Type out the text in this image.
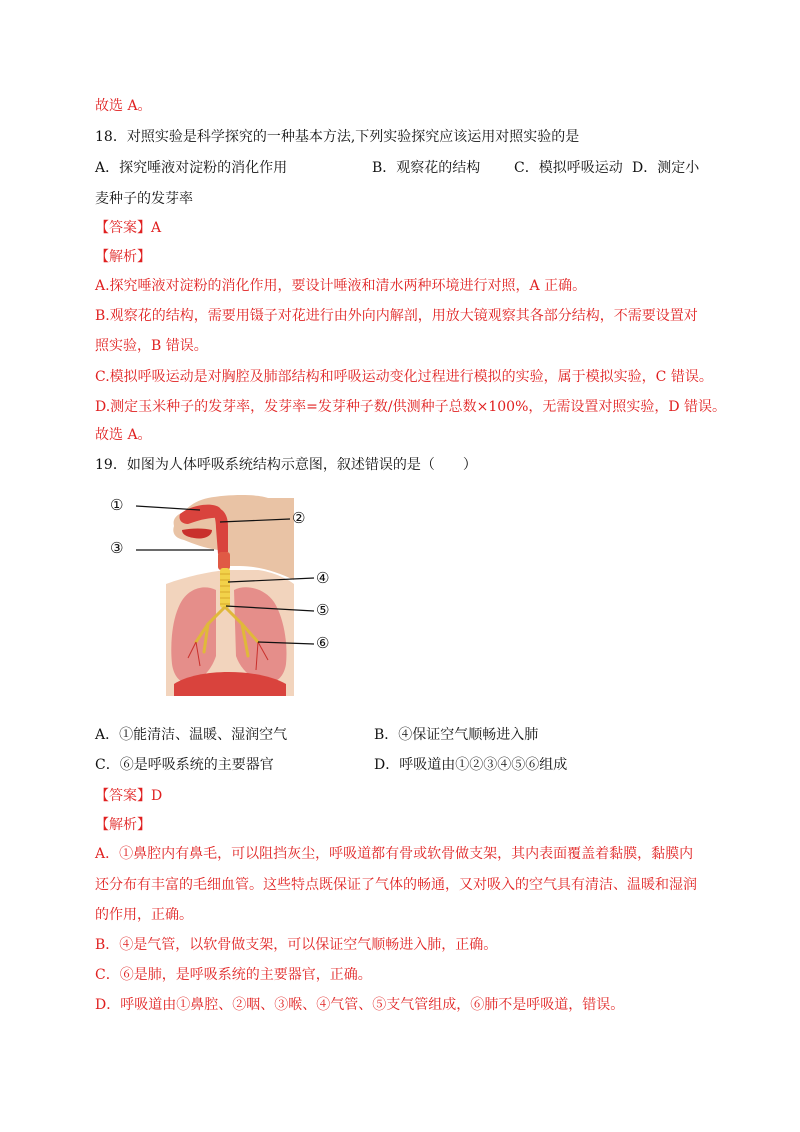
故选 A。
18．对照实验是科学探究的一种基本方法,下列实验探究应该运用对照实验的是
A．探究唾液对淀粉的消化作用	B．观察花的结构 C．模拟呼吸运动 D．测定小
麦种子的发芽率
【答案】A
【解析】
A.探究唾液对淀粉的消化作用，要设计唾液和清水两种环境进行对照，A 正确。
B.观察花的结构，需要用镊子对花进行由外向内解剖，用放大镜观察其各部分结构，不需要设置对
照实验，B 错误。
C.模拟呼吸运动是对胸腔及肺部结构和呼吸运动变化过程进行模拟的实验，属于模拟实验，C 错误。
D.测定玉米种子的发芽率，发芽率=发芽种子数/供测种子总数×100%，无需设置对照实验，D 错误。
故选 A。
19．如图为人体呼吸系统结构示意图，叙述错误的是（　　）
①
②
③
④
⑤
⑥
A．①能清洁、温暖、湿润空气	B．④保证空气顺畅进入肺
C．⑥是呼吸系统的主要器官	D．呼吸道由①②③④⑤⑥组成
【答案】D
【解析】
A．①鼻腔内有鼻毛，可以阻挡灰尘，呼吸道都有骨或软骨做支架，其内表面覆盖着黏膜，黏膜内
还分布有丰富的毛细血管。这些特点既保证了气体的畅通，又对吸入的空气具有清洁、温暖和湿润
的作用，正确。
B．④是气管，以软骨做支架，可以保证空气顺畅进入肺，正确。
C．⑥是肺，是呼吸系统的主要器官，正确。
D．呼吸道由①鼻腔、②咽、③喉、④气管、⑤支气管组成，⑥肺不是呼吸道，错误。
